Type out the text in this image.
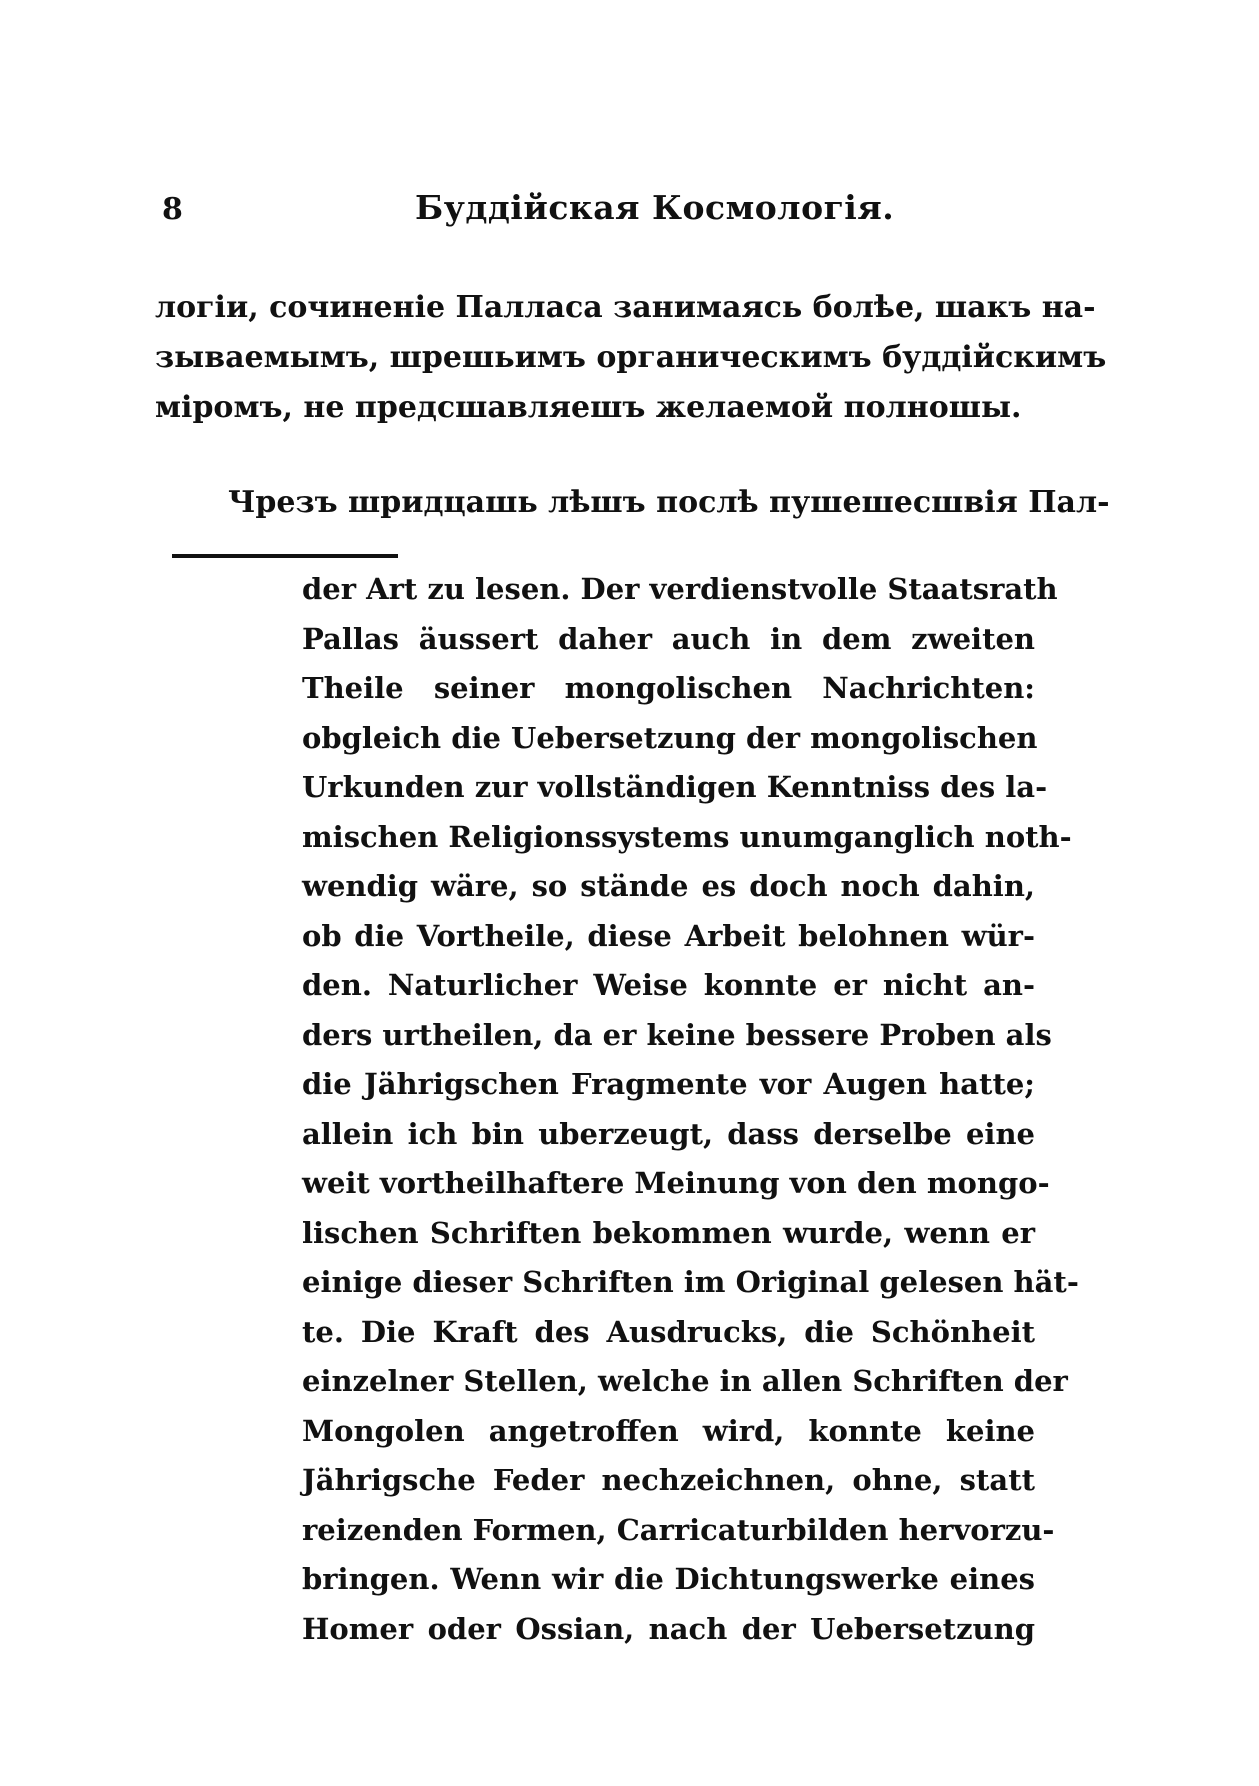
8	Буддійская Космологія.
логіи, сочиненіе Палласа занимаясь болѣе, шакъ на-
зываемымъ, шрешьимъ органическимъ буддійскимъ
міромъ, не предсшавляешъ желаемой полношы.
Чрезъ шридцашь лѣшъ послѣ пушешесшвія Пал-
der Art zu lesen. Der verdienstvolle Staatsrath
Pallas äussert daher auch in dem zweiten
Theile seiner mongolischen Nachrichten:
obgleich die Uebersetzung der mongolischen
Urkunden zur vollständigen Kenntniss des la-
mischen Religionssystems unumganglich noth-
wendig wäre, so stände es doch noch dahin,
ob die Vortheile, diese Arbeit belohnen wür-
den. Naturlicher Weise konnte er nicht an-
ders urtheilen, da er keine bessere Proben als
die Jährigschen Fragmente vor Augen hatte;
allein ich bin uberzeugt, dass derselbe eine
weit vortheilhaftere Meinung von den mongo-
lischen Schriften bekommen wurde, wenn er
einige dieser Schriften im Original gelesen hät-
te. Die Kraft des Ausdrucks, die Schönheit
einzelner Stellen, welche in allen Schriften der
Mongolen angetroffen wird, konnte keine
Jährigsche Feder nechzeichnen, ohne, statt
reizenden Formen, Carricaturbilden hervorzu-
bringen. Wenn wir die Dichtungswerke eines
Homer oder Ossian, nach der Uebersetzung
